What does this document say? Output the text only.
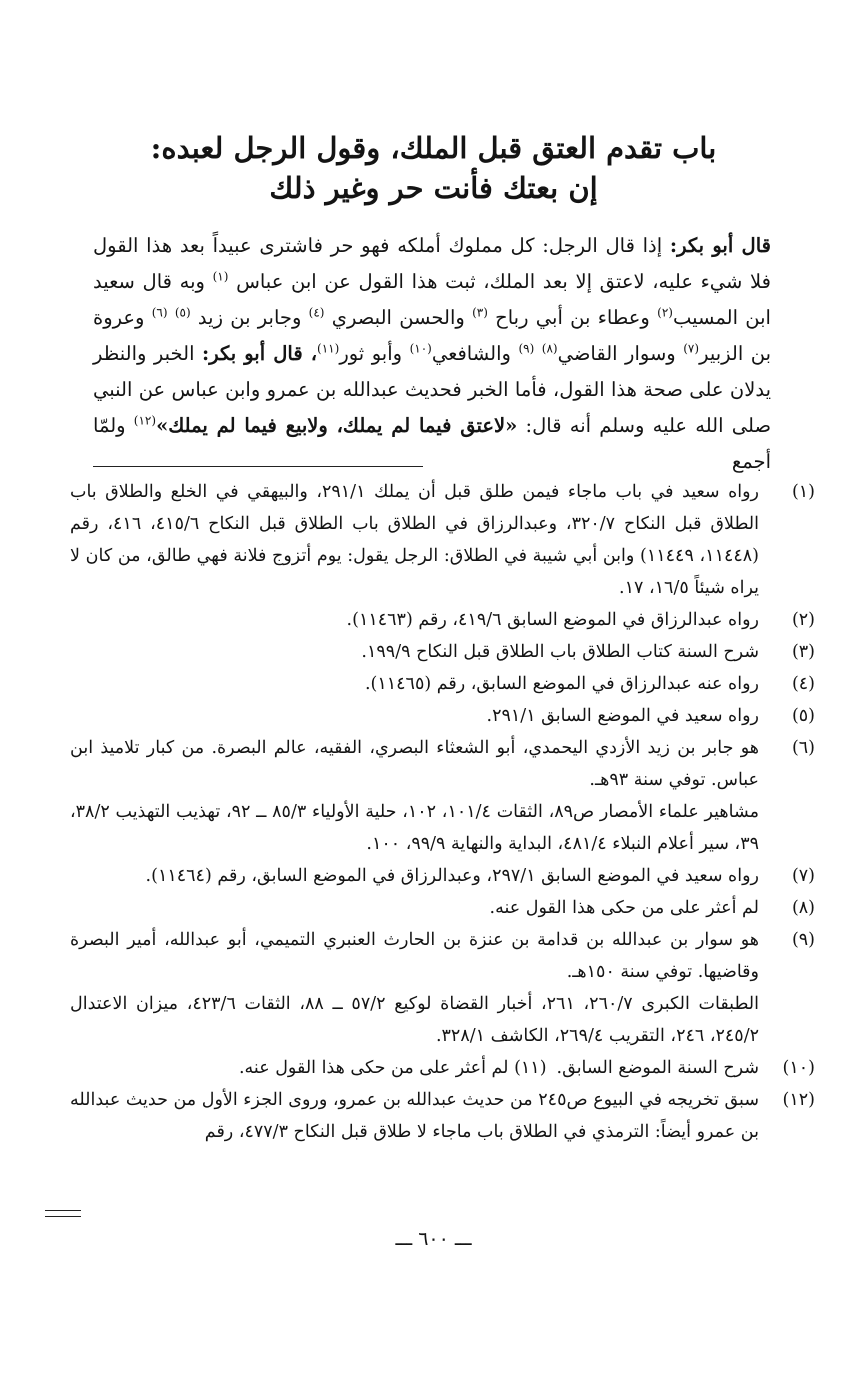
باب تقدم العتق قبل الملك، وقول الرجل لعبده:
إن بعتك فأنت حر وغير ذلك

قال أبو بكر: إذا قال الرجل: كل مملوك أملكه فهو حر فاشترى عبيداً بعد هذا القول فلا شيء عليه، لاعتق إلا بعد الملك، ثبت هذا القول عن ابن عباس $^{(١)}$ وبه قال سعيد ابن المسيب$^{(٢)}$ وعطاء بن أبي رباح $^{(٣)}$ والحسن البصري $^{(٤)}$ وجابر بن زيد $^{(٥)}$ $^{(٦)}$ وعروة بن الزبير$^{(٧)}$ وسوار القاضي$^{(٨)}$ $^{(٩)}$ والشافعي$^{(١٠)}$ وأبو ثور$^{(١١)}$، قال أبو بكر: الخبر والنظر يدلان على صحة هذا القول، فأما الخبر فحديث عبدالله بن عمرو وابن عباس عن النبي صلى الله عليه وسلم أنه قال: «لاعتق فيما لم يملك، ولابيع فيما لم يملك»$^{(١٢)}$ ولمّا أجمع

(١)
رواه سعيد في باب ماجاء فيمن طلق قبل أن يملك ٢٩١/١، والبيهقي في الخلع والطلاق باب الطلاق قبل النكاح ٣٢٠/٧، وعبدالرزاق في الطلاق باب الطلاق قبل النكاح ٤١٥/٦، ٤١٦، رقم (١١٤٤٨، ١١٤٤٩) وابن أبي شيبة في الطلاق: الرجل يقول: يوم أتزوج فلانة فهي طالق، من كان لا يراه شيئاً ١٦/٥، ١٧.
(٢)
رواه عبدالرزاق في الموضع السابق ٤١٩/٦، رقم (١١٤٦٣).
(٣)
شرح السنة كتاب الطلاق باب الطلاق قبل النكاح ١٩٩/٩.
(٤)
رواه عنه عبدالرزاق في الموضع السابق، رقم (١١٤٦٥).
(٥)
رواه سعيد في الموضع السابق ٢٩١/١.
(٦)
هو جابر بن زيد الأزدي اليحمدي، أبو الشعثاء البصري، الفقيه، عالم البصرة. من كبار تلاميذ ابن عباس. توفي سنة ٩٣هـ.
مشاهير علماء الأمصار ص٨٩، الثقات ١٠١/٤، ١٠٢، حلية الأولياء ٨٥/٣ ــ ٩٢، تهذيب التهذيب ٣٨/٢، ٣٩، سير أعلام النبلاء ٤٨١/٤، البداية والنهاية ٩٩/٩، ١٠٠.
(٧)
رواه سعيد في الموضع السابق ٢٩٧/١، وعبدالرزاق في الموضع السابق، رقم (١١٤٦٤).
(٨)
لم أعثر على من حكى هذا القول عنه.
(٩)
هو سوار بن عبدالله بن قدامة بن عنزة بن الحارث العنبري التميمي، أبو عبدالله، أمير البصرة وقاضيها. توفي سنة ١٥٠هـ.
الطبقات الكبرى ٢٦٠/٧، ٢٦١، أخبار القضاة لوكيع ٥٧/٢ ــ ٨٨، الثقات ٤٢٣/٦، ميزان الاعتدال ٢٤٥/٢، ٢٤٦، التقريب ٢٦٩/٤، الكاشف ٣٢٨/١.
(١٠)
شرح السنة الموضع السابق.(١١) لم أعثر على من حكى هذا القول عنه.
(١٢)
سبق تخريجه في البيوع ص٢٤٥ من حديث عبدالله بن عمرو، وروى الجزء الأول من حديث عبدالله بن عمرو أيضاً: الترمذي في الطلاق باب ماجاء لا طلاق قبل النكاح ٤٧٧/٣، رقم
ـــ ٦٠٠ ـــ
